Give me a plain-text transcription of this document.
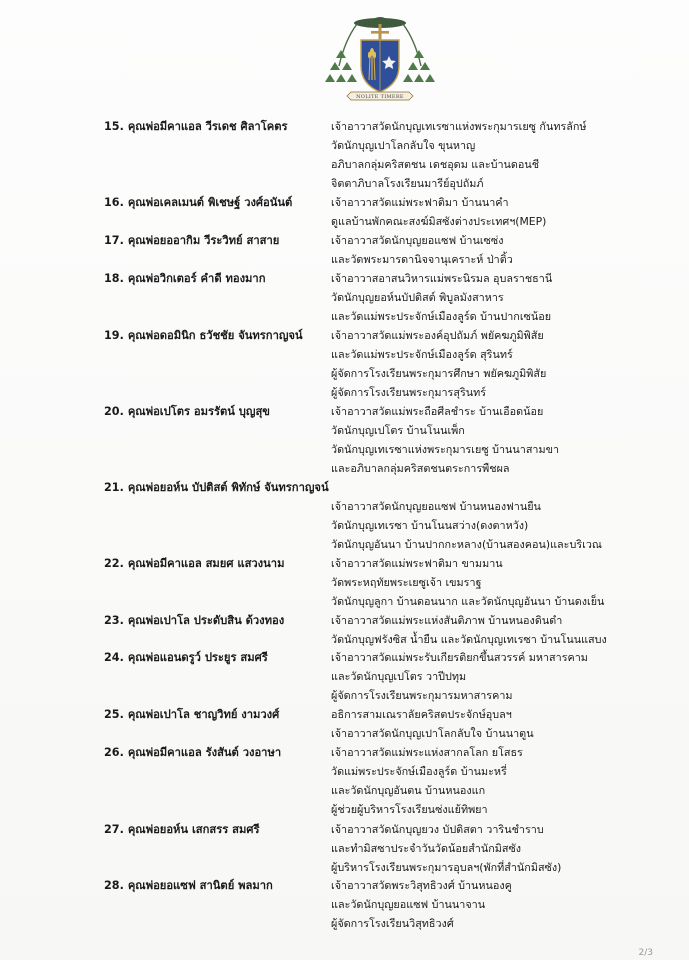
NOLITE TIMERE
15. คุณพ่อมีคาแอล วีรเดช ศิลาโคตร	เจ้าอาวาสวัดนักบุญเทเรซาแห่งพระกุมารเยซู กันทรลักษ์
วัดนักบุญเปาโลกลับใจ ขุนหาญ
อภิบาลกลุ่มคริสตชน เดชอุดม และบ้านดอนชี
จิตตาภิบาลโรงเรียนมารีย์อุปถัมภ์
16. คุณพ่อเคลเมนต์ พิเชษฐ์ วงศ์อนันต์	เจ้าอาวาสวัดแม่พระฟาติมา บ้านนาคำ
ดูแลบ้านพักคณะสงฆ์มิสซังต่างประเทศฯ(MEP)
17. คุณพ่อยออากิม วีระวิทย์ สาสาย	เจ้าอาวาสวัดนักบุญยอแซฟ บ้านเซซ่ง
และวัดพระมารดานิจจานุเคราะห์ ป่าติ้ว
18. คุณพ่อวิกเตอร์ คำดี ทองมาก	เจ้าอาวาสอาสนวิหารแม่พระนิรมล อุบลราชธานี
วัดนักบุญยอห์นบัปติสต์ พิบูลมังสาหาร
และวัดแม่พระประจักษ์เมืองลูร์ด บ้านปากเซน้อย
19. คุณพ่อดอมินิก ธวัชชัย จันทรกาญจน์	เจ้าอาวาสวัดแม่พระองค์อุปถัมภ์ พยัคฆภูมิพิสัย
และวัดแม่พระประจักษ์เมืองลูร์ด สุรินทร์
ผู้จัดการโรงเรียนพระกุมารศึกษา พยัคฆภูมิพิสัย
ผู้จัดการโรงเรียนพระกุมารสุรินทร์
20. คุณพ่อเปโตร อมรรัตน์ บุญสุข	เจ้าอาวาสวัดแม่พระถือศีลชำระ บ้านเอือดน้อย
วัดนักบุญเปโตร บ้านโนนเพ็ก
วัดนักบุญเทเรซาแห่งพระกุมารเยซู บ้านนาสามขา
และอภิบาลกลุ่มคริสตชนตระการพืชผล
21. คุณพ่อยอห์น บัปติสต์ พิทักษ์ จันทรกาญจน์
เจ้าอาวาสวัดนักบุญยอแซฟ บ้านหนองฟานยืน
วัดนักบุญเทเรซา บ้านโนนสว่าง(ดงตาหวัง)
วัดนักบุญอันนา บ้านปากกะหลาง(บ้านสองคอน)และบริเวณ
22. คุณพ่อมีคาแอล สมยศ แสวงนาม	เจ้าอาวาสวัดแม่พระฟาติมา ขามมาน
วัดพระหฤทัยพระเยซูเจ้า เขมราฐ
วัดนักบุญลูกา บ้านดอนนาก และวัดนักบุญอันนา บ้านดงเย็น
23. คุณพ่อเปาโล ประดับสิน ด้วงทอง	เจ้าอาวาสวัดแม่พระแห่งสันติภาพ บ้านหนองดินดำ
วัดนักบุญฟรังซิส น้ำยืน และวัดนักบุญเทเรซา บ้านโนนแสบง
24. คุณพ่อแอนดรูว์ ประยูร สมศรี	เจ้าอาวาสวัดแม่พระรับเกียรติยกขึ้นสวรรค์ มหาสารคาม
และวัดนักบุญเปโตร วาปีปทุม
ผู้จัดการโรงเรียนพระกุมารมหาสารคาม
25. คุณพ่อเปาโล ชาญวิทย์ งามวงศ์	อธิการสามเณราลัยคริสตประจักษ์อุบลฯ
เจ้าอาวาสวัดนักบุญเปาโลกลับใจ บ้านนาตูน
26. คุณพ่อมีคาแอล รังสันต์ วงอาษา	เจ้าอาวาสวัดแม่พระแห่งสากลโลก ยโสธร
วัดแม่พระประจักษ์เมืองลูร์ด บ้านมะหรี่
และวัดนักบุญอันตน บ้านหนองแก
ผู้ช่วยผู้บริหารโรงเรียนซ่งแย้ทิพยา
27. คุณพ่อยอห์น เสกสรร สมศรี	เจ้าอาวาสวัดนักบุญยวง บัปติสตา วารินชำราบ
และทำมิสซาประจำวันวัดน้อยสำนักมิสซัง
ผู้บริหารโรงเรียนพระกุมารอุบลฯ(พักที่สำนักมิสซัง)
28. คุณพ่อยอแซฟ สานิตย์ พลมาก	เจ้าอาวาสวัดพระวิสุทธิวงศ์ บ้านหนองคู
และวัดนักบุญยอแซฟ บ้านนาจาน
ผู้จัดการโรงเรียนวิสุทธิวงศ์
2/3
